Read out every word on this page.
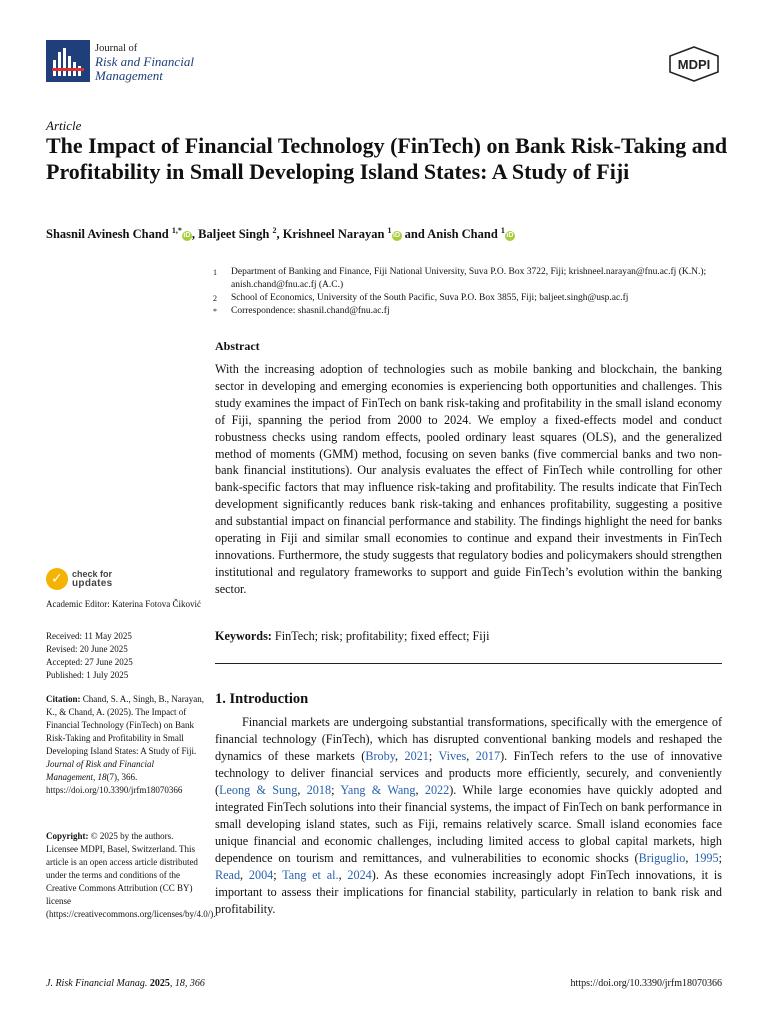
Journal of
Risk and Financial
Management
MDPI
Article
The Impact of Financial Technology (FinTech) on Bank Risk-Taking and Profitability in Small Developing Island States: A Study of Fiji
Shasnil Avinesh Chand $^{1,*}$iD , Baljeet Singh $^2$, Krishneel Narayan $^1$iD and Anish Chand $^1$iD
1	Department of Banking and Finance, Fiji National University, Suva P.O. Box 3722, Fiji; krishneel.narayan@fnu.ac.fj (K.N.); anish.chand@fnu.ac.fj (A.C.)
2	School of Economics, University of the South Pacific, Suva P.O. Box 3855, Fiji; baljeet.singh@usp.ac.fj
*	Correspondence: shasnil.chand@fnu.ac.fj
Abstract

With the increasing adoption of technologies such as mobile banking and blockchain, the banking sector in developing and emerging economies is experiencing both opportunities and challenges. This study examines the impact of FinTech on bank risk-taking and profitability in the small island economy of Fiji, spanning the period from 2000 to 2024. We employ a fixed-effects model and conduct robustness checks using random effects, pooled ordinary least squares (OLS), and the generalized method of moments (GMM) method, focusing on seven banks (five commercial banks and two non-bank financial institutions). Our analysis evaluates the effect of FinTech while controlling for other bank-specific factors that may influence risk-taking and profitability. The results indicate that FinTech development significantly reduces bank risk-taking and enhances profitability, suggesting a positive and substantial impact on financial performance and stability. The findings highlight the need for banks operating in Fiji and similar small economies to continue and expand their investments in FinTech innovations. Furthermore, the study suggests that regulatory bodies and policymakers should strengthen institutional and regulatory frameworks to support and guide FinTech’s evolution within the banking sector.

Keywords: FinTech; risk; profitability; fixed effect; Fiji
1. Introduction

Financial markets are undergoing substantial transformations, specifically with the emergence of financial technology (FinTech), which has disrupted conventional banking models and reshaped the dynamics of these markets (Broby, 2021; Vives, 2017). FinTech refers to the use of innovative technology to deliver financial services and products more efficiently, securely, and conveniently (Leong & Sung, 2018; Yang & Wang, 2022). While large economies have quickly adopted and integrated FinTech solutions into their financial systems, the impact of FinTech on bank performance in small developing island states, such as Fiji, remains relatively scarce. Small island economies face unique financial and economic challenges, including limited access to global capital markets, high dependence on tourism and remittances, and vulnerabilities to economic shocks (Briguglio, 1995; Read, 2004; Tang et al., 2024). As these economies increasingly adopt FinTech innovations, it is important to assess their implications for financial stability, particularly in relation to bank risk and profitability.

✓ check for
updates
Academic Editor: Katerina Fotova Čiković
Received: 11 May 2025
Revised: 20 June 2025
Accepted: 27 June 2025
Published: 1 July 2025
Citation: Chand, S. A., Singh, B., Narayan, K., & Chand, A. (2025). The Impact of Financial Technology (FinTech) on Bank Risk-Taking and Profitability in Small Developing Island States: A Study of Fiji. Journal of Risk and Financial Management, 18(7), 366. https://doi.org/10.3390/jrfm18070366
Copyright: © 2025 by the authors. Licensee MDPI, Basel, Switzerland. This article is an open access article distributed under the terms and conditions of the Creative Commons Attribution (CC BY) license (https://creativecommons.org/licenses/by/4.0/).
J. Risk Financial Manag. 2025, 18, 366	https://doi.org/10.3390/jrfm18070366
